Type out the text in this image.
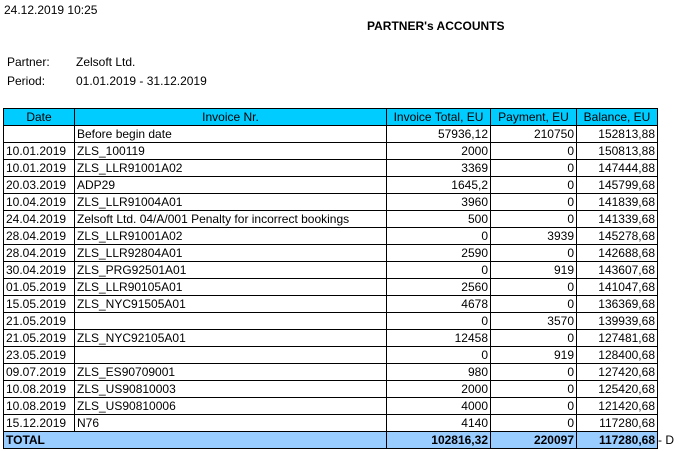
24.12.2019 10:25
PARTNER's ACCOUNTS
Partner: Zelsoft Ltd.
Period:	01.01.2019 - 31.12.2019
Date	Invoice Nr.	Invoice Total, EU	Payment, EU	Balance, EU
	Before begin date	57936,12	210750	152813,88
10.01.2019	ZLS_100119	2000	0	150813,88
10.01.2019	ZLS_LLR91001A02	3369	0	147444,88
20.03.2019	ADP29	1645,2	0	145799,68
10.04.2019	ZLS_LLR91004A01	3960	0	141839,68
24.04.2019	Zelsoft Ltd. 04/A/001 Penalty for incorrect bookings	500	0	141339,68
28.04.2019	ZLS_LLR91001A02	0	3939	145278,68
28.04.2019	ZLS_LLR92804A01	2590	0	142688,68
30.04.2019	ZLS_PRG92501A01	0	919	143607,68
01.05.2019	ZLS_LLR90105A01	2560	0	141047,68
15.05.2019	ZLS_NYC91505A01	4678	0	136369,68
21.05.2019		0	3570	139939,68
21.05.2019	ZLS_NYC92105A01	12458	0	127481,68
23.05.2019		0	919	128400,68
09.07.2019	ZLS_ES90709001	980	0	127420,68
10.08.2019	ZLS_US90810003	2000	0	125420,68
10.08.2019	ZLS_US90810006	4000	0	121420,68
15.12.2019	N76	4140	0	117280,68
TOTAL		102816,32	220097	117280,68 - D
